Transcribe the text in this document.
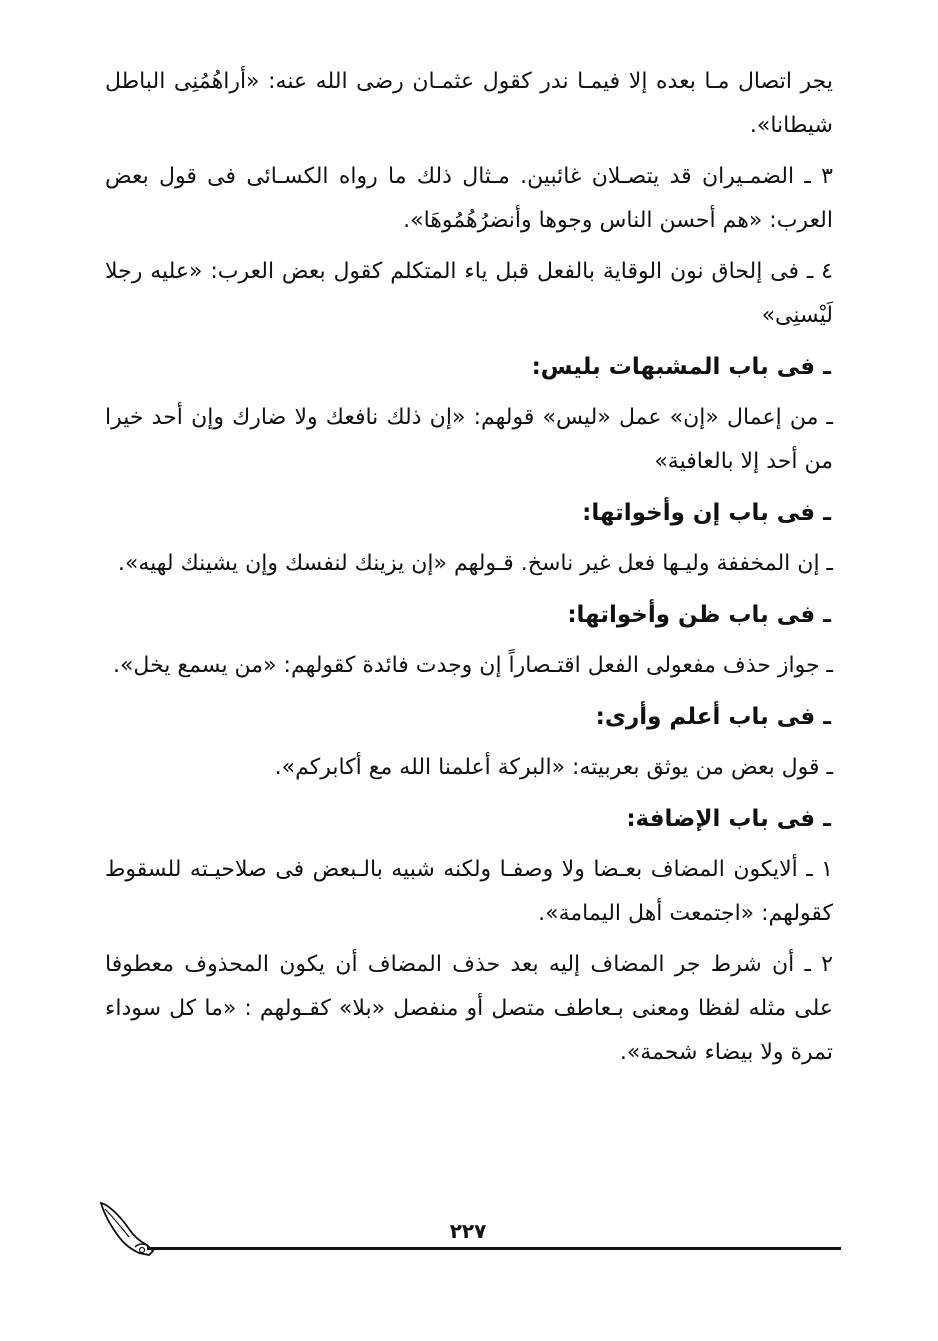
يجر اتصال مـا بعده إلا فيمـا ندر كقول عثمـان رضى الله عنه: «أراهُمُنِى الباطل شيطانا».

٣ ـ الضمـيران قد يتصـلان غائبين. مـثال ذلك ما رواه الكسـائى فى قول بعض العرب: «هم أحسن الناس وجوها وأنضرُهُمُوهَا».

٤ ـ فى إلحاق نون الوقاية بالفعل قبل ياء المتكلم كقول بعض العرب: «عليه رجلا لَيْسنِى»

ـ فى باب المشبهات بليس:

ـ من إعمال «إن» عمل «ليس» قولهم: «إن ذلك نافعك ولا ضارك وإن أحد خيرا من أحد إلا بالعافية»

ـ فى باب إن وأخواتها:

ـ إن المخففة وليـها فعل غير ناسخ. قـولهم «إن يزينك لنفسك وإن يشينك لهيه».

ـ فى باب ظن وأخواتها:

ـ جواز حذف مفعولى الفعل اقتـصاراً إن وجدت فائدة كقولهم: «من يسمع يخل».

ـ فى باب أعلم وأرى:

ـ قول بعض من يوثق بعربيته: «البركة أعلمنا الله مع أكابركم».

ـ فى باب الإضافة:

١ ـ ألايكون المضاف بعـضا ولا وصفـا ولكنه شبيه بالـبعض فى صلاحيـته للسقوط كقولهم: «اجتمعت أهل اليمامة».

٢ ـ أن شرط جر المضاف إليه بعد حذف المضاف أن يكون المحذوف معطوفا على مثله لفظا ومعنى بـعاطف متصل أو منفصل «بلا» كقـولهم : «ما كل سوداء تمرة ولا بيضاء شحمة».

٢٢٧
